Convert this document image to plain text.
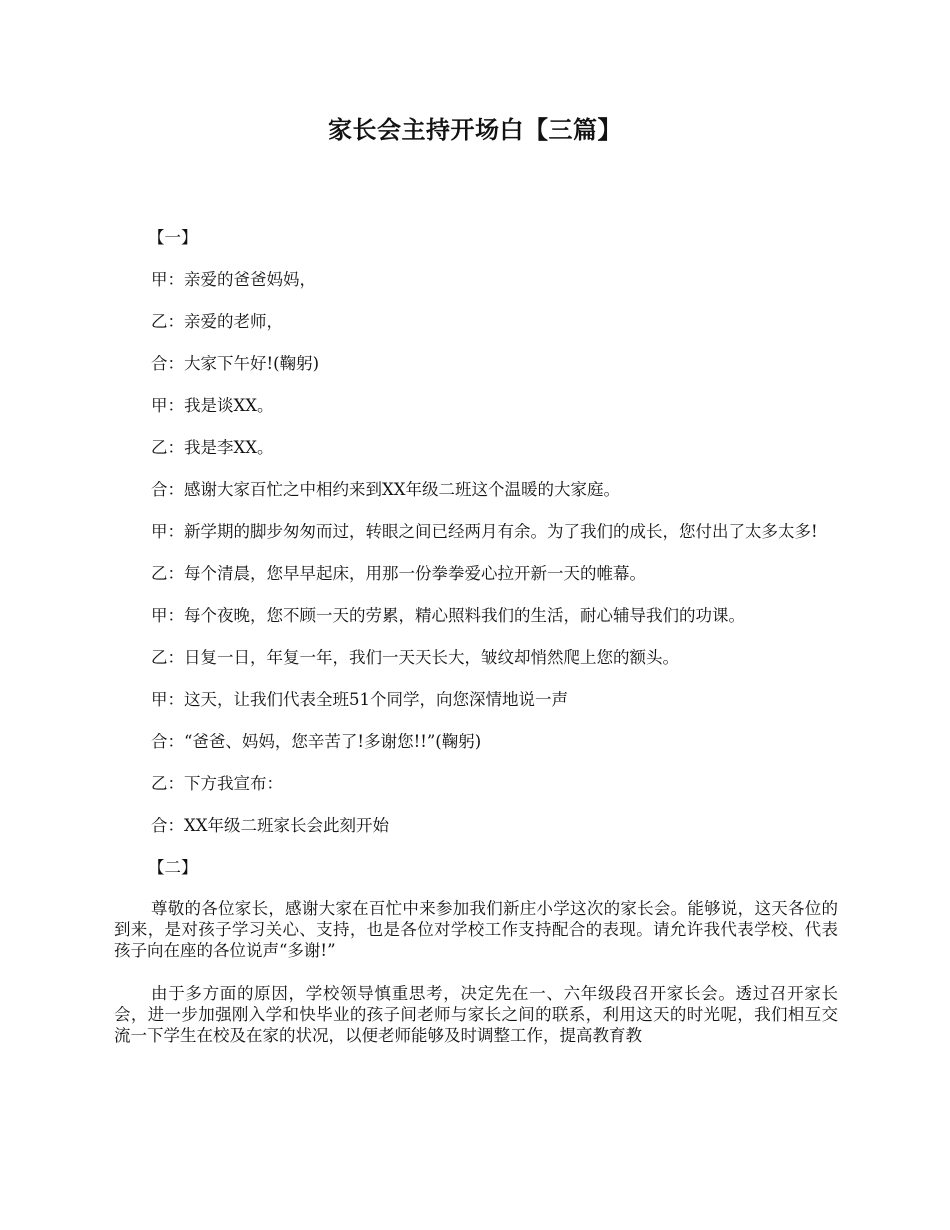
家长会主持开场白【三篇】

【一】

甲：亲爱的爸爸妈妈，

乙：亲爱的老师，

合：大家下午好!(鞠躬)

甲：我是谈XX。

乙：我是李XX。

合：感谢大家百忙之中相约来到XX年级二班这个温暖的大家庭。

甲：新学期的脚步匆匆而过，转眼之间已经两月有余。为了我们的成长，您付出了太多太多!

乙：每个清晨，您早早起床，用那一份拳拳爱心拉开新一天的帷幕。

甲：每个夜晚，您不顾一天的劳累，精心照料我们的生活，耐心辅导我们的功课。

乙：日复一日，年复一年，我们一天天长大，皱纹却悄然爬上您的额头。

甲：这天，让我们代表全班51个同学，向您深情地说一声

合：“爸爸、妈妈，您辛苦了!多谢您!!”(鞠躬)

乙：下方我宣布：

合：XX年级二班家长会此刻开始

【二】

尊敬的各位家长，感谢大家在百忙中来参加我们新庄小学这次的家长会。能够说，这天各位的到来，是对孩子学习关心、支持，也是各位对学校工作支持配合的表现。请允许我代表学校、代表孩子向在座的各位说声“多谢!”

由于多方面的原因，学校领导慎重思考，决定先在一、六年级段召开家长会。透过召开家长会，进一步加强刚入学和快毕业的孩子间老师与家长之间的联系，利用这天的时光呢，我们相互交流一下学生在校及在家的状况，以便老师能够及时调整工作，提高教育教
